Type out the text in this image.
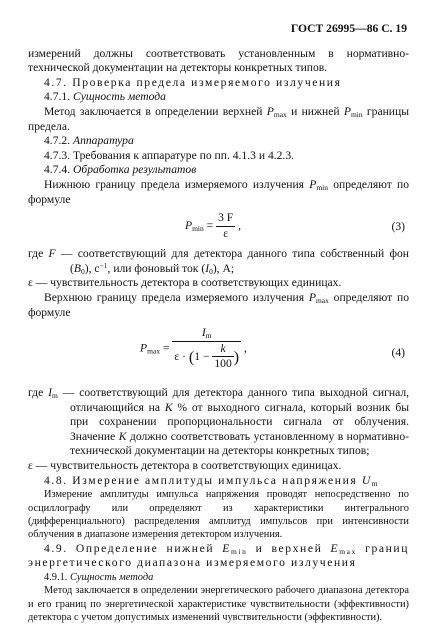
ГОСТ 26995—86 С. 19

измерений должны соответствовать установленным в нормативно-технической документации на детекторы конкретных типов.

4.7. Проверка предела измеряемого излучения

4.7.1. Сущность метода

Метод заключается в определении верхней $P_{max}$ и нижней $P_{min}$ границы предела.

4.7.2. Аппаратура

4.7.3. Требования к аппаратуре по пп. 4.1.3 и 4.2.3.

4.7.4. Обработка результатов

Нижнюю границу предела измеряемого излучения $P_{min}$ определяют по формуле

$P_{min} = \frac{3 F}{\varepsilon}$ ,	(3)

где F — соответствующий для детектора данного типа собственный фон $(B_0)$, $с^{-1}$, или фоновый ток $(I_0)$, А;

ε — чувствительность детектора в соответствующих единицах.

Верхнюю границу предела измеряемого излучения $P_{max}$ определяют по формуле

$P_{max} = \frac{I_m}{\varepsilon \cdot (1 - \frac{k}{100} )}$ ,	(4)

где $I_m$ — соответствующий для детектора данного типа выходной сигнал, отличающийся на K % от выходного сигнала, который возник бы при сохранении пропорциональности сигнала от облучения. Значение K должно соответствовать установленному в нормативно-технической документации на детекторы конкретных типов;

ε — чувствительность детектора в соответствующих единицах.

4.8. Измерение амплитуды импульса напряжения $U_m$

Измерение амплитуды импульса напряжения проводят непосредственно по осциллографу или определяют из характеристики интегрального (дифференциального) распределения амплитуд импульсов при интенсивности облучения в диапазоне измерения детектором излучения.

4.9. Определение нижней $E_{min}$ и верхней $E_{max}$ границ энергетического диапазона измеряемого излучения

4.9.1. Сущность метода

Метод заключается в определении энергетического рабочего диапазона детектора и его границ по энергетической характеристике чувствительности (эффективности) детектора с учетом допустимых изменений чувствительности (эффективности).
